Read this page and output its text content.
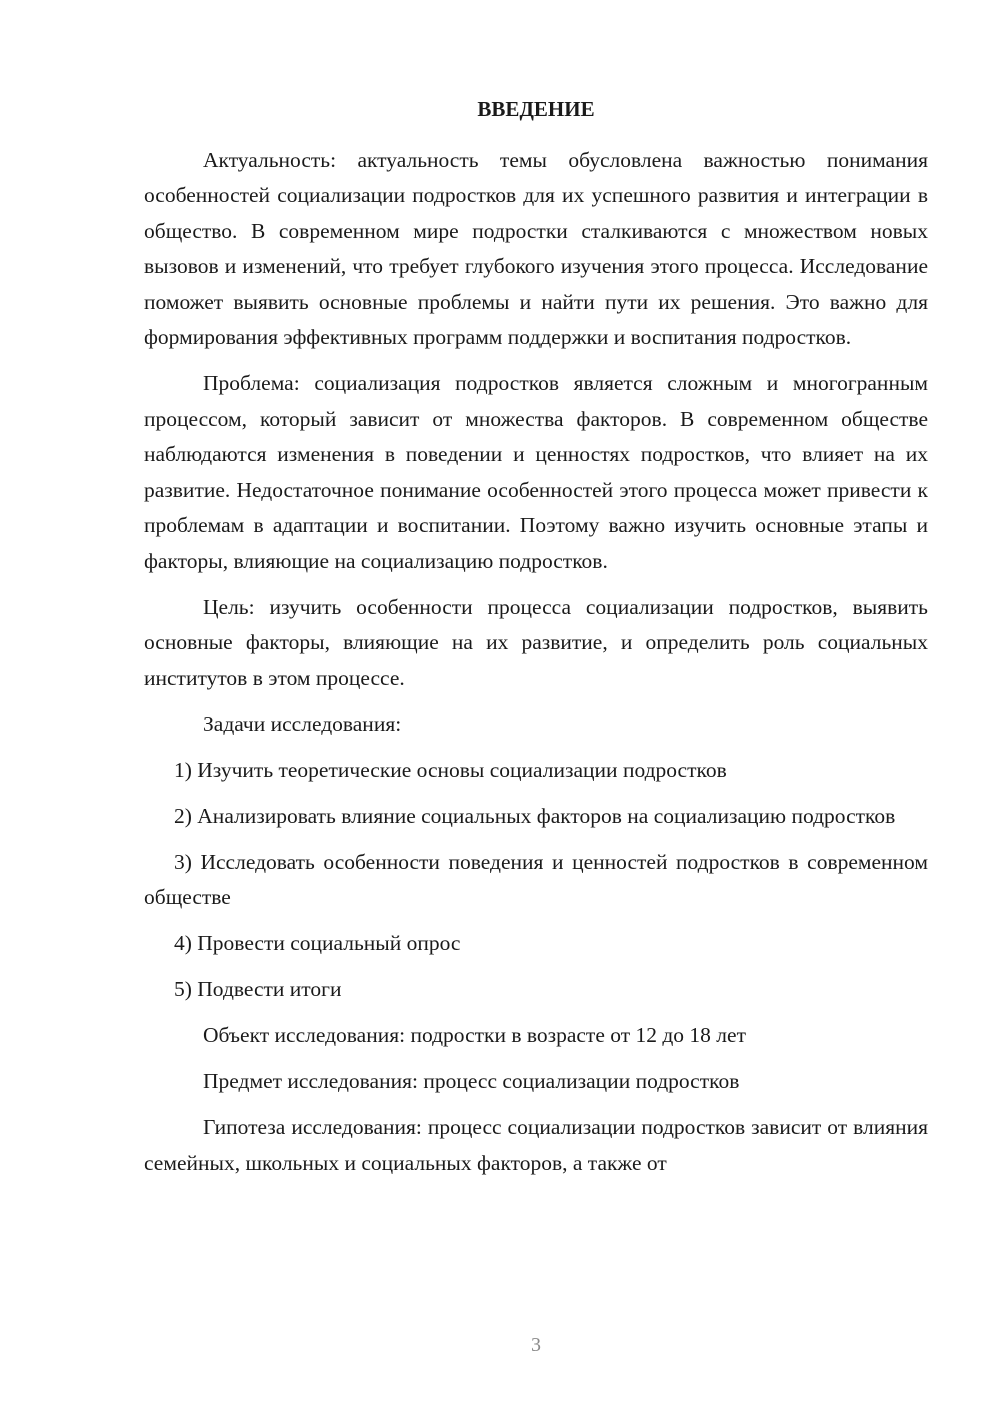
ВВЕДЕНИЕ

Актуальность: актуальность темы обусловлена важностью понимания особенностей социализации подростков для их успешного развития и интеграции в общество. В современном мире подростки сталкиваются с множеством новых вызовов и изменений, что требует глубокого изучения этого процесса. Исследование поможет выявить основные проблемы и найти пути их решения. Это важно для формирования эффективных программ поддержки и воспитания подростков.

Проблема: социализация подростков является сложным и многогранным процессом, который зависит от множества факторов. В современном обществе наблюдаются изменения в поведении и ценностях подростков, что влияет на их развитие. Недостаточное понимание особенностей этого процесса может привести к проблемам в адаптации и воспитании. Поэтому важно изучить основные этапы и факторы, влияющие на социализацию подростков.

Цель: изучить особенности процесса социализации подростков, выявить основные факторы, влияющие на их развитие, и определить роль социальных институтов в этом процессе.

Задачи исследования:

1) Изучить теоретические основы социализации подростков

2) Анализировать влияние социальных факторов на социализацию подростков

3) Исследовать особенности поведения и ценностей подростков в современном обществе

4) Провести социальный опрос

5) Подвести итоги

Объект исследования: подростки в возрасте от 12 до 18 лет

Предмет исследования: процесс социализации подростков

Гипотеза исследования: процесс социализации подростков зависит от влияния семейных, школьных и социальных факторов, а также от

3
